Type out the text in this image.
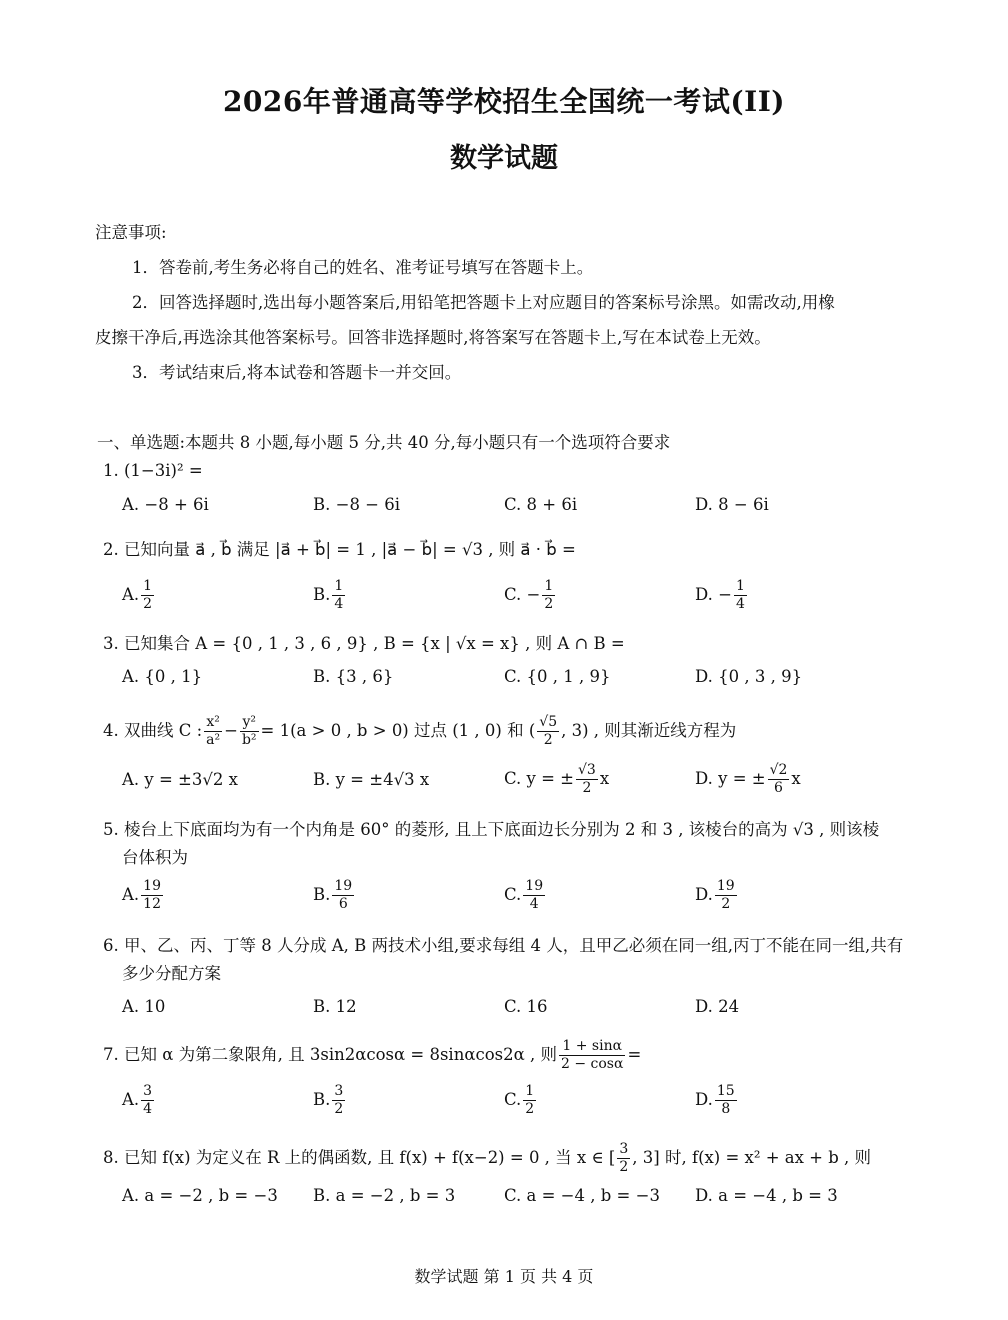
2026年普通高等学校招生全国统一考试(II)
数学试题
注意事项:
1．答卷前,考生务必将自己的姓名、准考证号填写在答题卡上。
2．回答选择题时,选出每小题答案后,用铅笔把答题卡上对应题目的答案标号涂黑。如需改动,用橡
皮擦干净后,再选涂其他答案标号。回答非选择题时,将答案写在答题卡上,写在本试卷上无效。
3．考试结束后,将本试卷和答题卡一并交回。
一、单选题:本题共 8 小题,每小题 5 分,共 40 分,每小题只有一个选项符合要求
1. (1−3i)² =
A. −8 + 6i	B. −8 − 6i	C. 8 + 6i	D. 8 − 6i
2. 已知向量 a⃗ , b⃗ 满足 |a⃗ + b⃗| = 1 , |a⃗ − b⃗| = √3 , 则 a⃗ · b⃗ =
A. $\frac{1}{2}$	B. $\frac{1}{4}$	C. − $\frac{1}{2}$	D. − $\frac{1}{4}$
3. 已知集合 A = {0 , 1 , 3 , 6 , 9} , B = {x | √x = x} , 则 A ∩ B =
A. {0 , 1}	B. {3 , 6}	C. {0 , 1 , 9}	D. {0 , 3 , 9}
4. 双曲线 C : $\frac{\text{x²}}{\text{a²}} - \frac{\text{y²}}{\text{b²}} = 1(a > 0$ , b > 0) 过点 (1 , 0) 和 ( $\frac{√5}{2}$ , 3) , 则其渐近线方程为
A. y = ±3√2 x	B. y = ±4√3 x	C. y = ± $\frac{√3}{2}$ x	D. y = ± $\frac{√2}{6}$ x
5. 棱台上下底面均为有一个内角是 60° 的菱形, 且上下底面边长分别为 2 和 3 , 该棱台的高为 √3 , 则该棱
台体积为
A. $\frac{19}{12}$	B. $\frac{19}{6}$	C. $\frac{19}{4}$	D. $\frac{19}{2}$
6. 甲、乙、丙、丁等 8 人分成 A, B 两技术小组,要求每组 4 人，且甲乙必须在同一组,丙丁不能在同一组,共有
多少分配方案
A. 10	B. 12	C. 16	D. 24
7. 已知 α 为第二象限角, 且 3sin2αcosα = 8sinαcos2α , 则 $\frac{1 + \sin\alpha}{2 - \cos\alpha}$ =
A. $\frac{3}{4}$	B. $\frac{3}{2}$	C. $\frac{1}{2}$	D. $\frac{15}{8}$
8. 已知 f(x) 为定义在 R 上的偶函数, 且 f(x) + f(x−2) = 0 , 当 x ∈ [ $\frac{3}{2}$ , 3] 时, f(x) = x² + ax + b , 则
A. a = −2 , b = −3 B. a = −2 , b = 3	C. a = −4 , b = −3 D. a = −4 , b = 3
数学试题 第 1 页 共 4 页
